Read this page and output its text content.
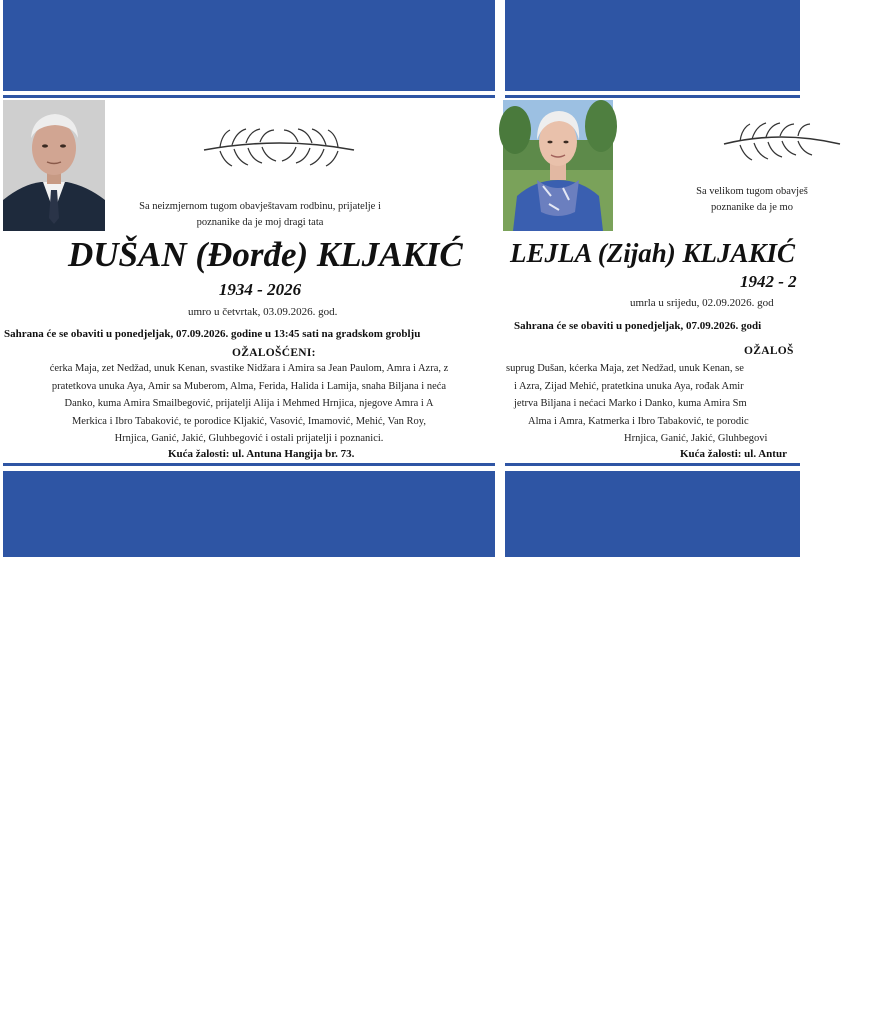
Sa neizmjernom tugom obavještavam rodbinu, prijatelje i
poznanike da je moj dragi tata
DUŠAN (Đorđe) KLJAKIĆ
1934 - 2026
umro u četvrtak, 03.09.2026. god.
Sahrana će se obaviti u ponedjeljak, 07.09.2026. godine u 13:45 sati na gradskom groblju
OŽALOŠĆENI:
ćerka Maja, zet Nedžad, unuk Kenan, svastike Nidžara i Amira sa Jean Paulom, Amra i Azra, z
pratetkova unuka Aya, Amir sa Muberom, Alma, Ferida, Halida i Lamija, snaha Biljana i neća
Danko, kuma Amira Smailbegović, prijatelji Alija i Mehmed Hrnjica, njegove Amra i A
Merkica i Ibro Tabaković, te porodice Kljakić, Vasović, Imamović, Mehić, Van Roy,
Hrnjica, Ganić, Jakić, Gluhbegović i ostali prijatelji i poznanici.
Kuća žalosti: ul. Antuna Hangija br. 73.
KJKP "POKOP" d.o.o.
SARAJEVO
BESPLATNI INFO TELEFON
080 02 02 68
www.pokop.ba
Sa velikom tugom obavješ
poznanike da je mo
LEJLA (Zijah) KLJAKIĆ
1942 - 2
umrla u srijedu, 02.09.2026. god
Sahrana će se obaviti u ponedjeljak, 07.09.2026. godi
OŽALOŠ
suprug Dušan, kćerka Maja, zet Nedžad, unuk Kenan, se
i Azra, Zijad Mehić, pratetkina unuka Aya, rođak Amir
jetrva Biljana i nećaci Marko i Danko, kuma Amira Sm
Alma i Amra, Katmerka i Ibro Tabaković, te porodic
Hrnjica, Ganić, Jakić, Gluhbegovi
Kuća žalosti: ul. Antur
KJKP "POKOP" d.o.o.
SARAJEVO
BESPLATNI INFO TELEFON
080 02 02 68
www.pokop.ba
